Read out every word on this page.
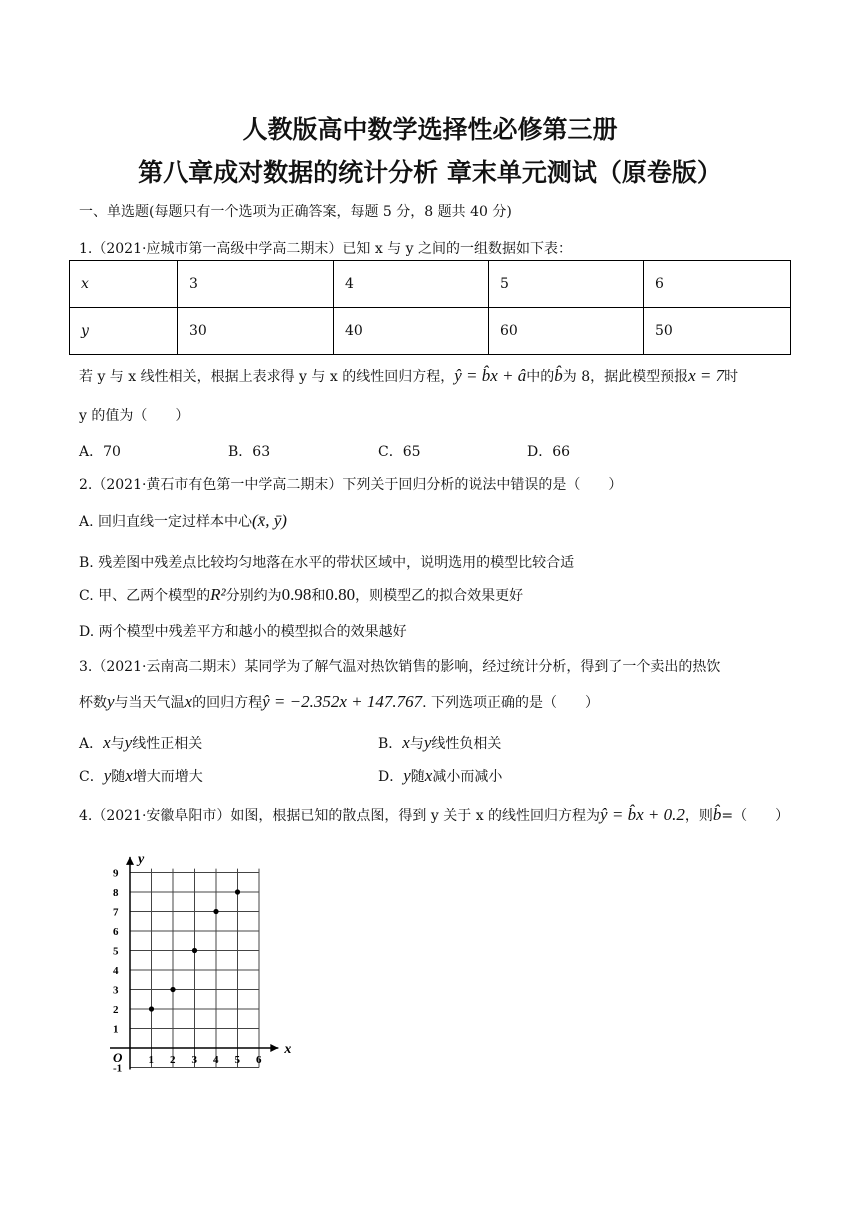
人教版高中数学选择性必修第三册
第八章成对数据的统计分析 章末单元测试（原卷版）
一、单选题(每题只有一个选项为正确答案，每题 5 分，8 题共 40 分)
1.（2021·应城市第一高级中学高二期末）已知 x 与 y 之间的一组数据如下表：
x	3	4	5	6
y	30	40	60	50
若 y 与 x 线性相关，根据上表求得 y 与 x 的线性回归方程，ŷ = b̂x + â中的b̂为 8，据此模型预报x = 7时
y 的值为（　　）
A．70	B．63	C．65	D．66
2.（2021·黄石市有色第一中学高二期末）下列关于回归分析的说法中错误的是（　　）
A. 回归直线一定过样本中心(x̄, ȳ)
B. 残差图中残差点比较均匀地落在水平的带状区域中，说明选用的模型比较合适
C. 甲、乙两个模型的R²分别约为0.98和0.80，则模型乙的拟合效果更好
D. 两个模型中残差平方和越小的模型拟合的效果越好
3.（2021·云南高二期末）某同学为了解气温对热饮销售的影响，经过统计分析，得到了一个卖出的热饮
杯数y与当天气温x的回归方程ŷ = −2.352x + 147.767. 下列选项正确的是（　　）
A．x与y线性正相关	B．x与y线性负相关
C．y随x增大而增大	D．y随x减小而减小
4.（2021·安徽阜阳市）如图，根据已知的散点图，得到 y 关于 x 的线性回归方程为ŷ = b̂x + 0.2，则b̂=（　　）
x
y
O 1 2 3 4 5 6
-1
1
2
3
4
5
6
7
8
9
